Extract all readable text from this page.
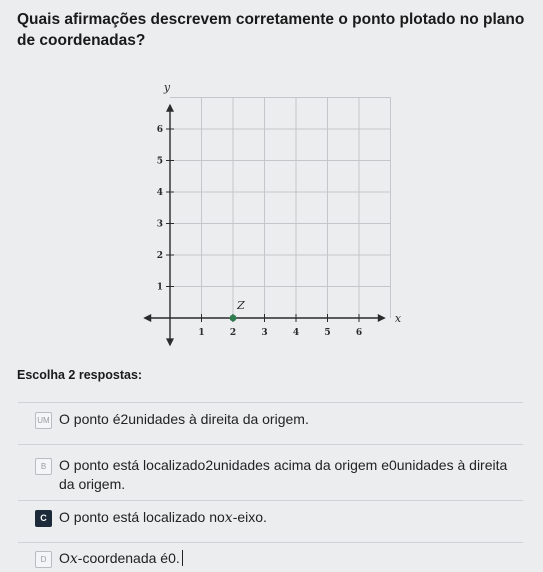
Quais afirmações descrevem corretamente o ponto plotado no plano de coordenadas?
x
y
1	2	3	4	5	6
1
2
3
4
5
6
Z
Escolha 2 respostas:
UM O ponto é2unidades à direita da origem.
B O ponto está localizado2unidades acima da origem e0unidades à direita da origem.
C O ponto está localizado nox-eixo.
D Ox-coordenada é0.
